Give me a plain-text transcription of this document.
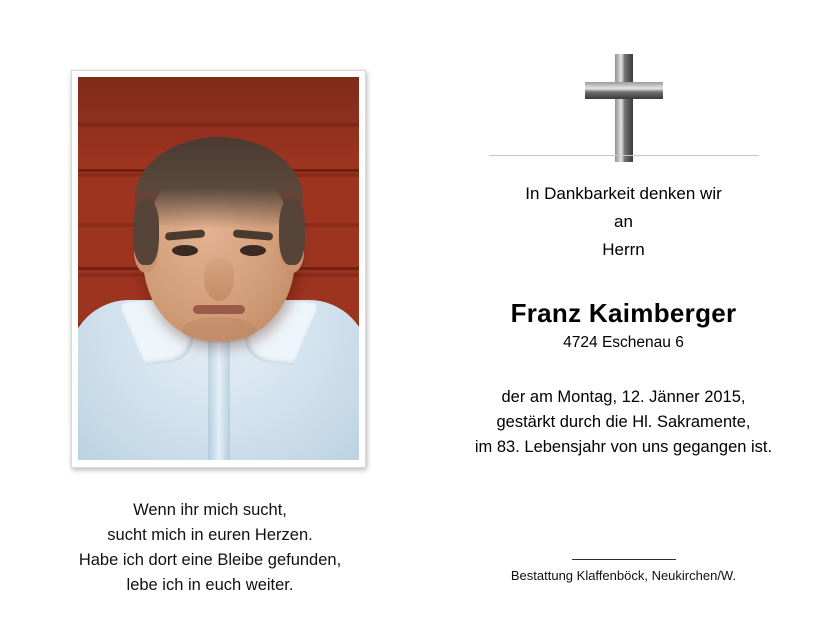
Wenn ihr mich sucht,
sucht mich in euren Herzen.
Habe ich dort eine Bleibe gefunden,
lebe ich in euch weiter.
In Dankbarkeit denken wir
an
Herrn
Franz Kaimberger
4724 Eschenau 6
der am Montag, 12. Jänner 2015,
gestärkt durch die Hl. Sakramente,
im 83. Lebensjahr von uns gegangen ist.
Bestattung Klaffenböck, Neukirchen/W.
